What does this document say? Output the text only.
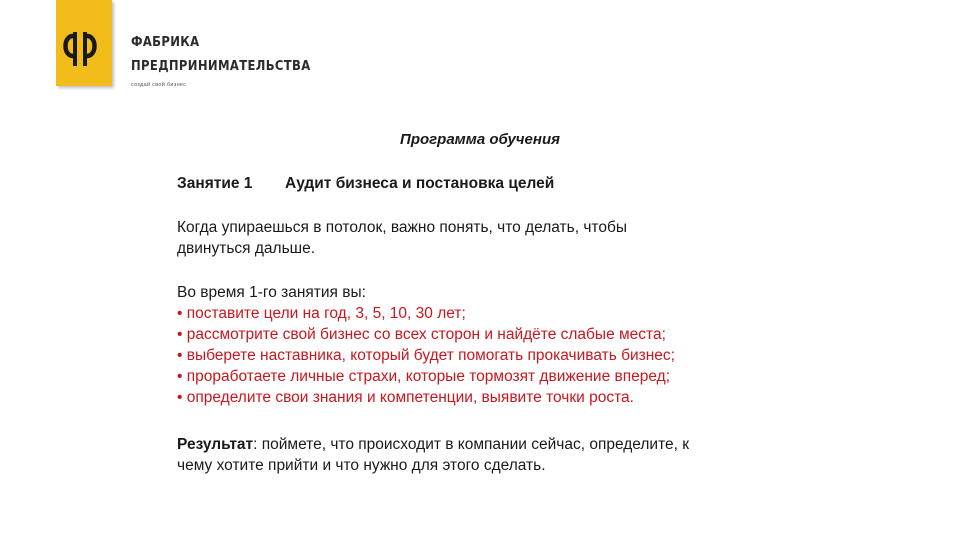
ФАБРИКА
ПРЕДПРИНИМАТЕЛЬСТВА
создай свой бизнес
Программа обучения
Занятие 1 Аудит бизнеса и постановка целей
Когда упираешься в потолок, важно понять, что делать, чтобы
двинуться дальше.
Во время 1-го занятия вы:
• поставите цели на год, 3, 5, 10, 30 лет;
• рассмотрите свой бизнес со всех сторон и найдёте слабые места;
• выберете наставника, который будет помогать прокачивать бизнес;
• проработаете личные страхи, которые тормозят движение вперед;
• определите свои знания и компетенции, выявите точки роста.
Результат: поймете, что происходит в компании сейчас, определите, к
чему хотите прийти и что нужно для этого сделать.
